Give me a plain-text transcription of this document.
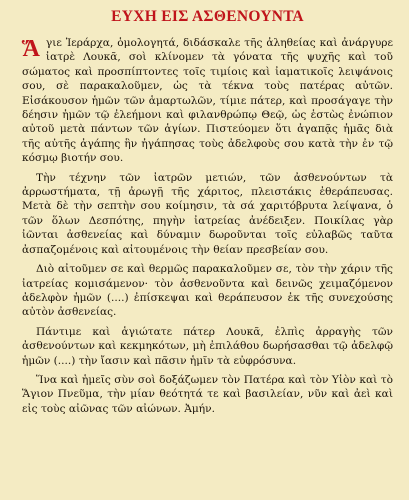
ΕΥΧΗ ΕΙΣ ΑΣΘΕΝΟΥΝΤΑ

Ἅγιε Ἱεράρχα, ὁμολογητά, διδάσκαλε τῆς ἀληθείας καὶ ἀνάργυρε ἰατρὲ Λουκᾶ, σοὶ κλίνομεν τὰ γόνατα τῆς ψυχῆς καὶ τοῦ σώματος καὶ προσπίπτοντες τοῖς τιμίοις καὶ ἰαματικοῖς λειψάνοις σου, σὲ παρακαλοῦμεν, ὡς τὰ τέκνα τοὺς πατέρας αὐτῶν. Εἰσάκουσον ἡμῶν τῶν ἁμαρτωλῶν, τίμιε πάτερ, καὶ προσάγαγε τὴν δέησιν ἡμῶν τῷ ἐλεήμονι καὶ φιλανθρώπῳ Θεῷ, ὡς ἑστὼς ἐνώπιον αὐτοῦ μετὰ πάντων τῶν ἁγίων. Πιστεύομεν ὅτι ἀγαπᾷς ἡμᾶς διὰ τῆς αὐτῆς ἀγάπης ἣν ἠγάπησας τοὺς ἀδελφοὺς σου κατὰ τὴν ἐν τῷ κόσμῳ βιοτήν σου.

Τὴν τέχνην τῶν ἰατρῶν μετιών, τῶν ἀσθενούντων τὰ ἀρρωστήματα, τῇ ἀρωγῇ τῆς χάριτος, πλειστάκις ἐθεράπευσας. Μετὰ δὲ τὴν σεπτὴν σου κοίμησιν, τὰ σά χαριτόβρυτα λείψανα, ὁ τῶν ὅλων Δεσπότης, πηγὴν ἰατρείας ἀνέδειξεν. Ποικίλας γὰρ ἰῶνται ἀσθενείας καὶ δύναμιν δωροῦνται τοῖς εὐλαβῶς ταῦτα ἀσπαζομένοις καὶ αἰτουμένοις τὴν θείαν πρεσβείαν σου.

Διὸ αἰτοῦμεν σε καὶ θερμῶς παρακαλοῦμεν σε, τὸν τὴν χάριν τῆς ἰατρείας κομισάμενον· τὸν ἀσθενοῦντα καὶ δεινῶς χειμαζόμενον ἀδελφὸν ἡμῶν (....) ἐπίσκεψαι καὶ θεράπευσον ἐκ τῆς συνεχούσης αὐτὸν ἀσθενείας.

Πάντιμε καὶ ἁγιώτατε πάτερ Λουκᾶ, ἐλπὶς ἀρραγὴς τῶν ἀσθενούντων καὶ κεκμηκότων, μὴ ἐπιλάθου δωρήσασθαι τῷ ἀδελφῷ ἡμῶν (....) τὴν ἴασιν καὶ πᾶσιν ἡμῖν τὰ εὐφρόσυνα.

Ἵνα καὶ ἡμεῖς σὺν σοὶ δοξάζωμεν τὸν Πατέρα καὶ τὸν Υἱὸν καὶ τὸ Ἅγιον Πνεῦμα, τὴν μίαν θεότητά τε καὶ βασιλείαν, νῦν καὶ ἀεὶ καὶ εἰς τοὺς αἰῶνας τῶν αἰώνων. Ἀμήν.
